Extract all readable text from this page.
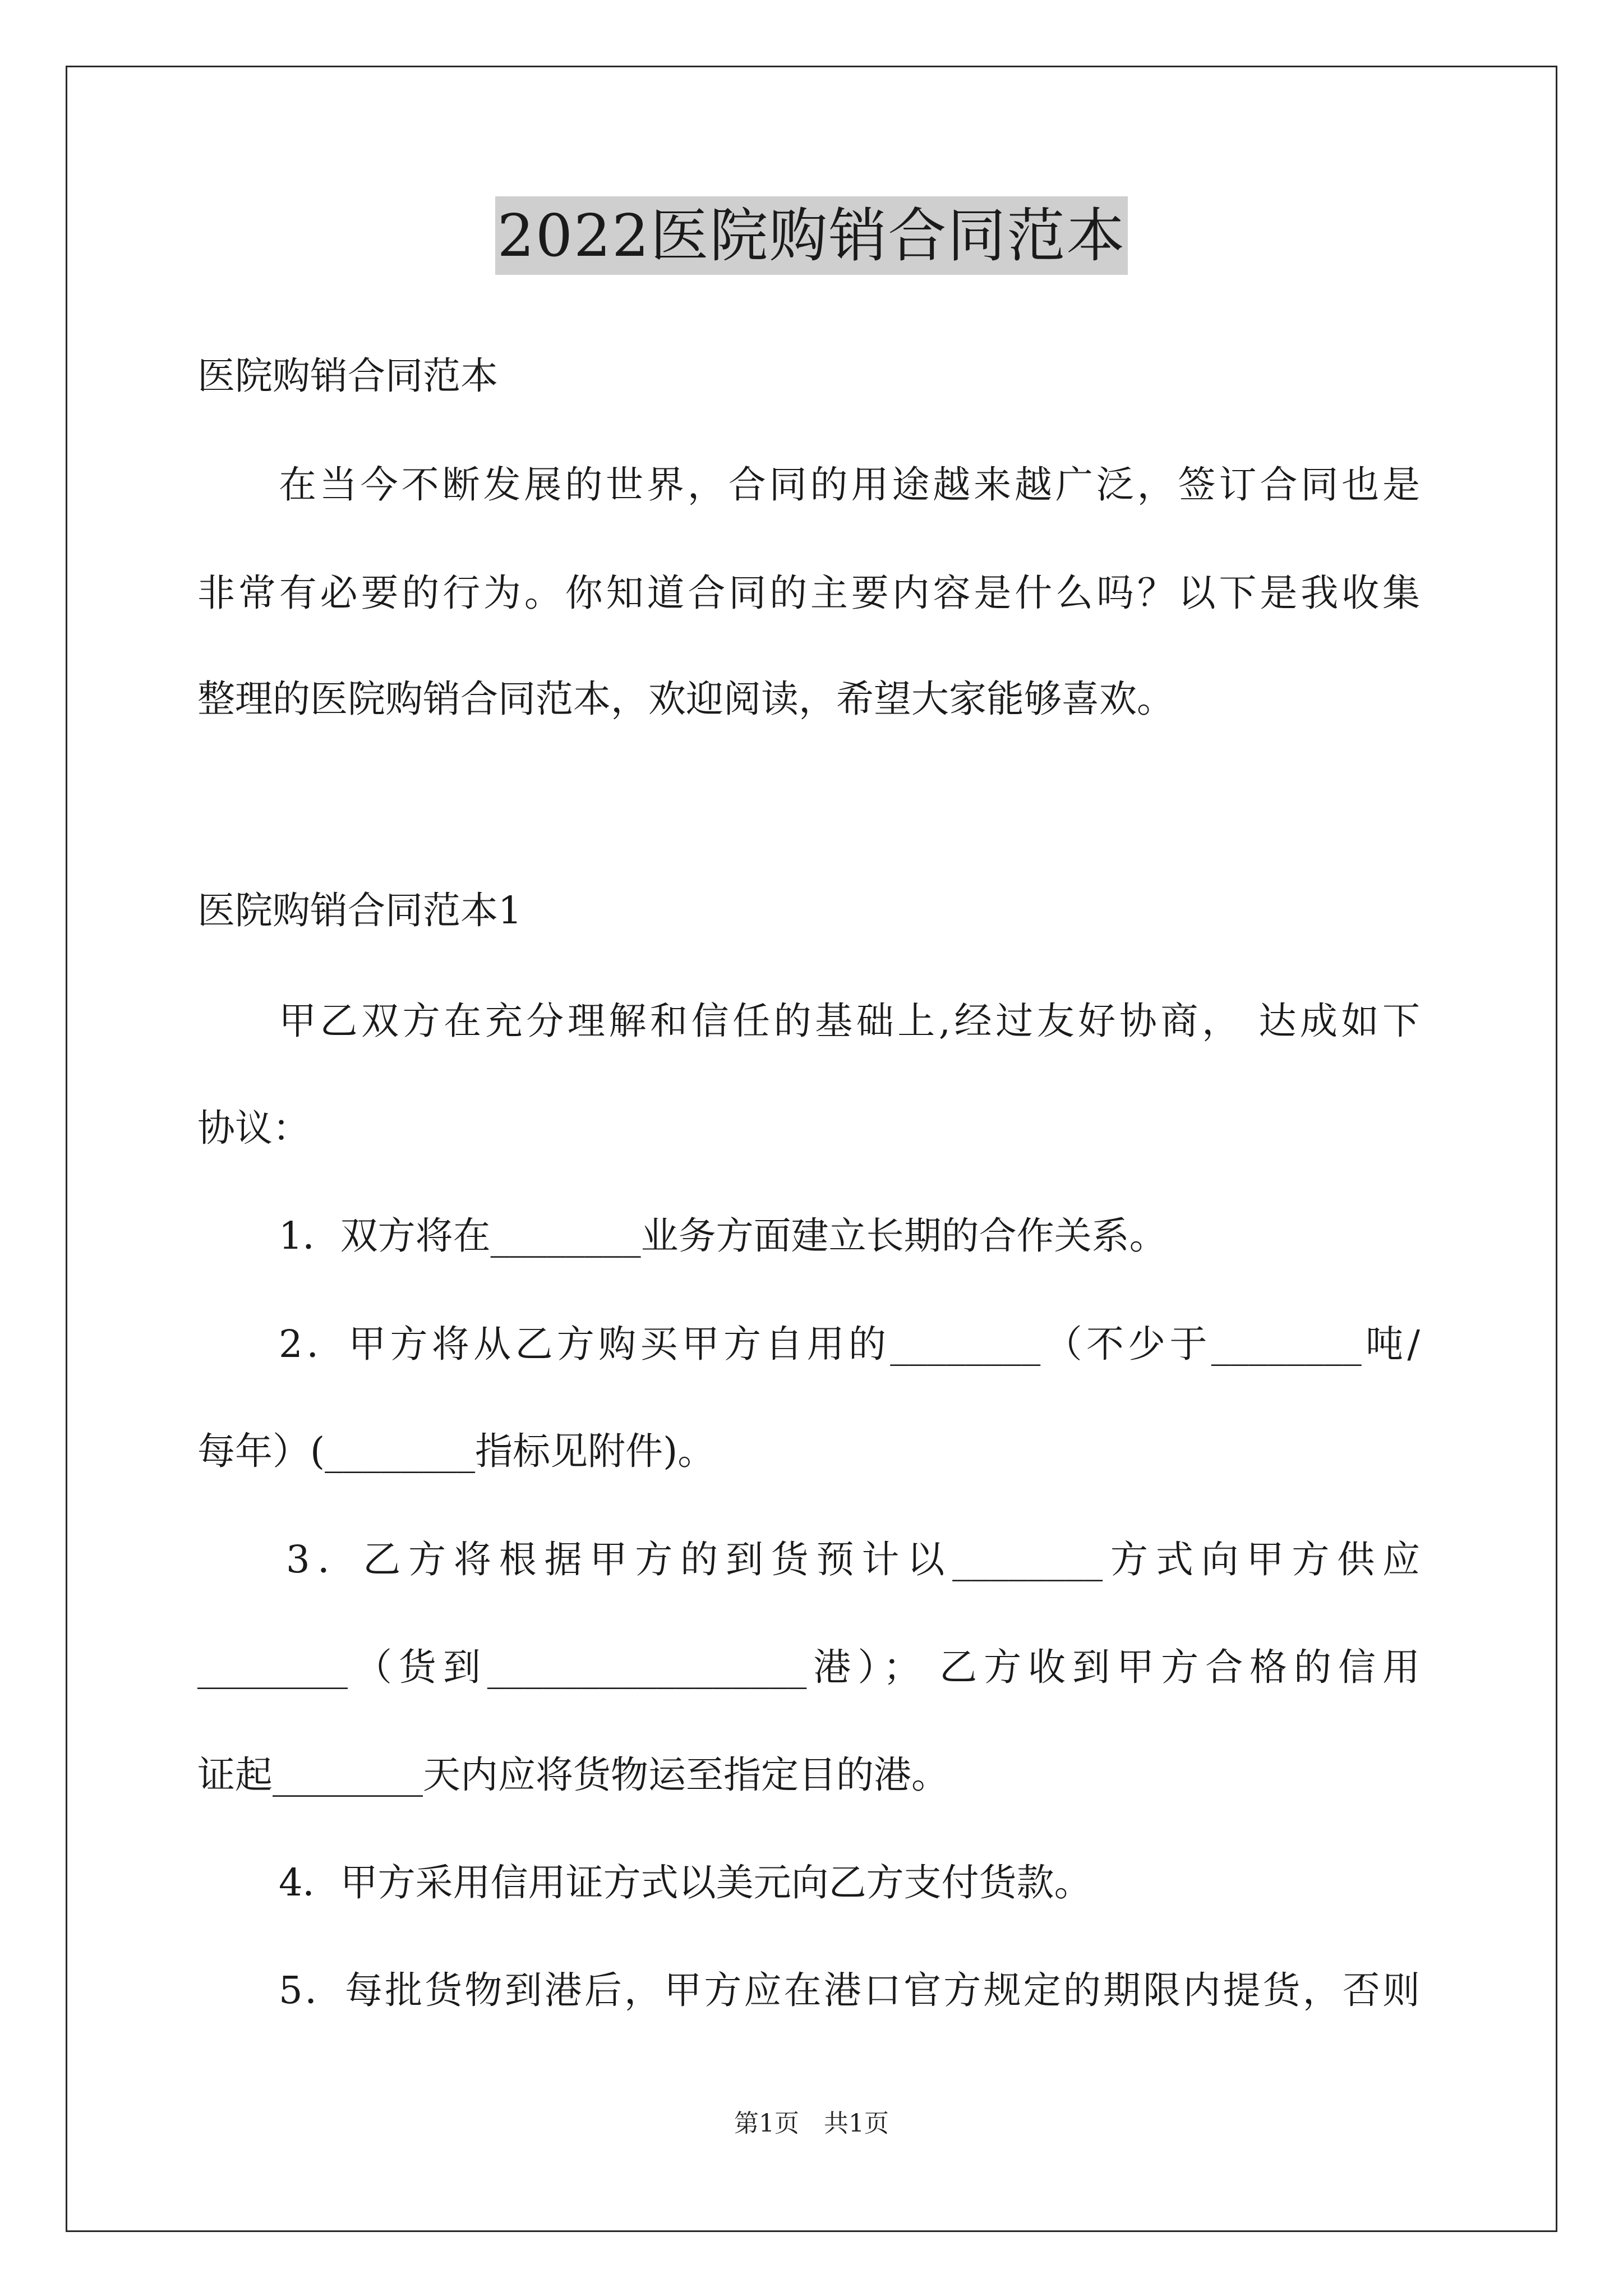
2022医院购销合同范本
医院购销合同范本
在当今不断发展的世界，合同的用途越来越广泛，签订合同也是
非常有必要的行为。你知道合同的主要内容是什么吗？以下是我收集
整理的医院购销合同范本，欢迎阅读，希望大家能够喜欢。
医院购销合同范本1
甲乙双方在充分理解和信任的基础上,经过友好协商， 达成如下
协议：
1．双方将在________业务方面建立长期的合作关系。
2．甲方将从乙方购买甲方自用的________（不少于________吨/
每年）(________指标见附件)。
3．乙方将根据甲方的到货预计以________方式向甲方供应
________（货到_________________港）； 乙方收到甲方合格的信用
证起________天内应将货物运至指定目的港。
4．甲方采用信用证方式以美元向乙方支付货款。
5．每批货物到港后，甲方应在港口官方规定的期限内提货，否则
第1页 共1页
